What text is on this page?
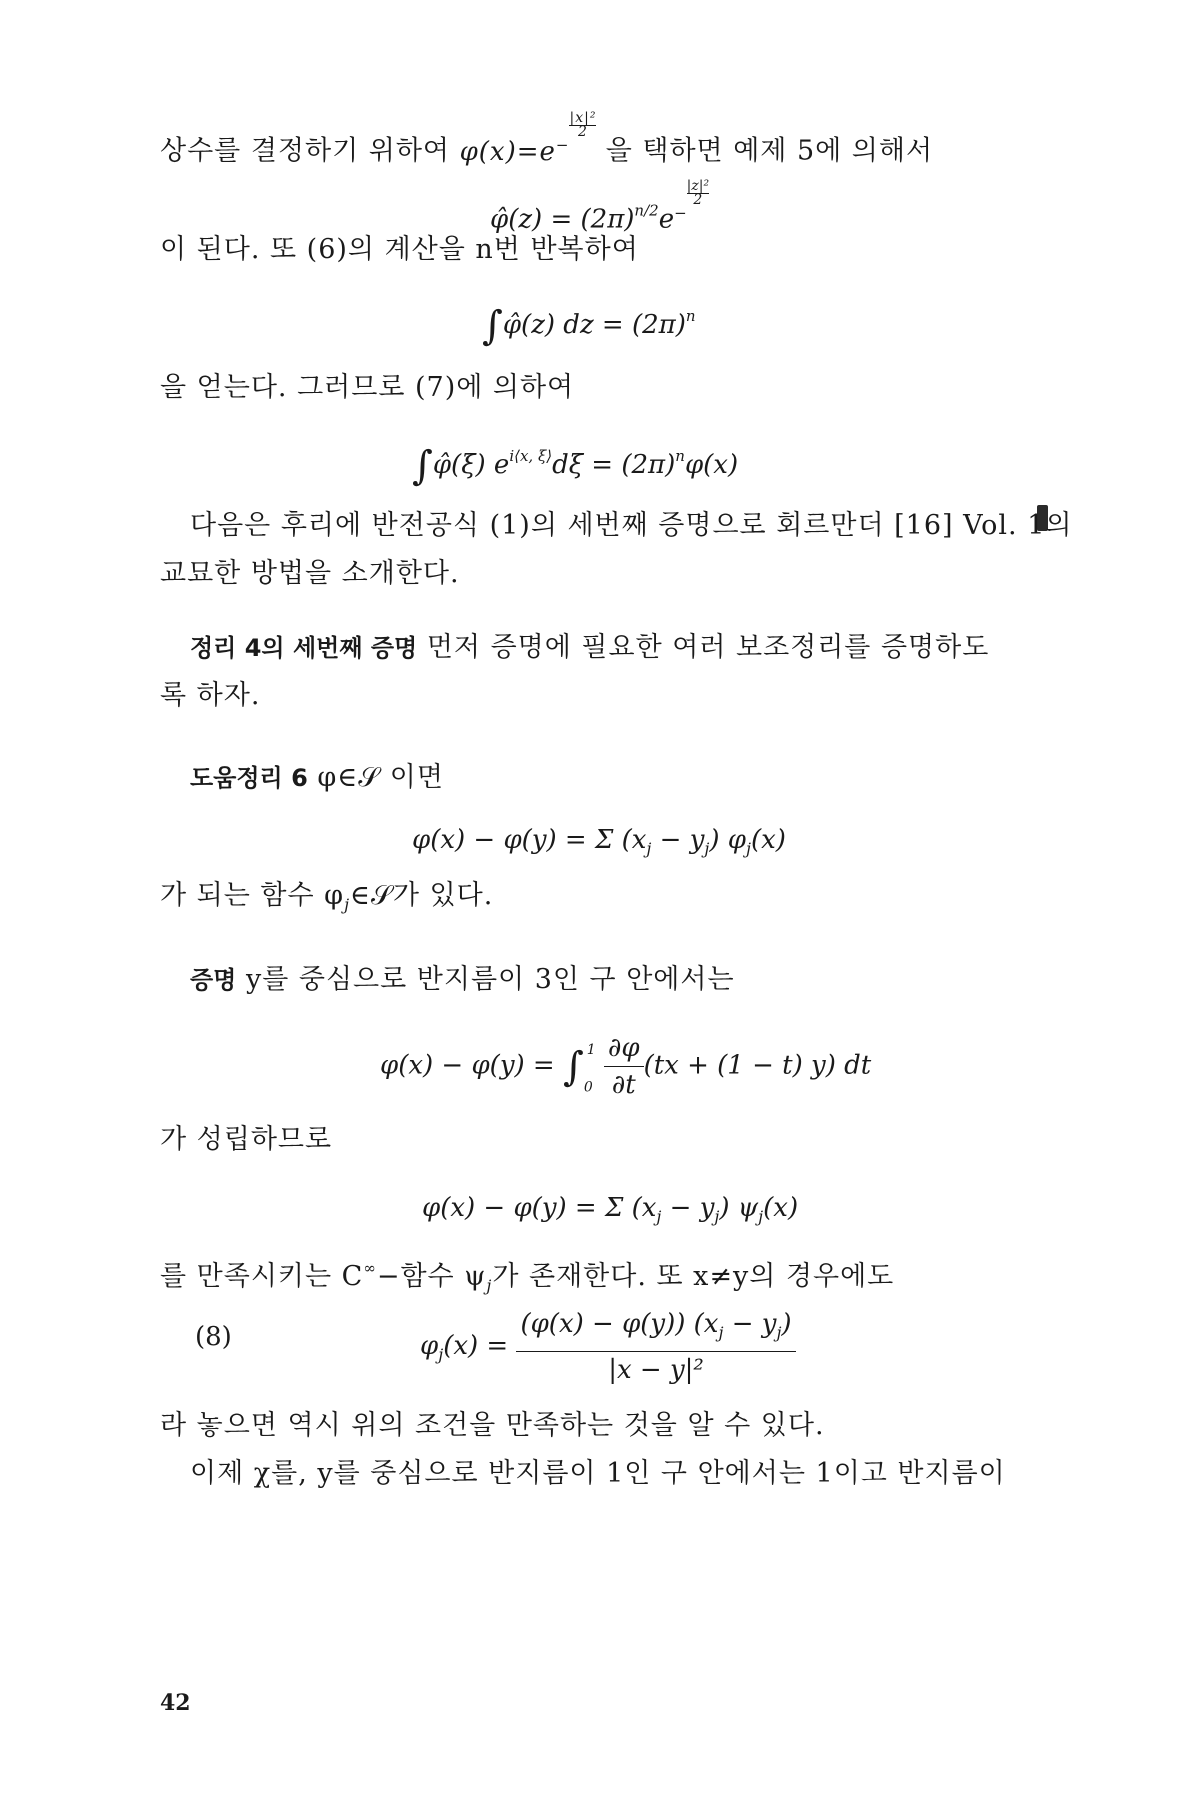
상수를 결정하기 위하여 $\varphi(x)=e^{- \frac{\text{|x|²}}{2}}$ 을 택하면 예제 5에 의해서
φ̂(z) = $(2\pi)^{n/2}e^{- \frac{\text{|z|²}}{2}}$
이 된다. 또 (6)의 계산을 n번 반복하여
∫φ̂(z) dz = $(2\pi)^n$
을 얻는다. 그러므로 (7)에 의하여
∫φ̂(ξ) $e^{i⟨x, \xi⟩}d\xi = (2\pi)^n\varphi(x)$
다음은 후리에 반전공식 (1)의 세번째 증명으로 회르만더 [16] Vol. 1의
교묘한 방법을 소개한다.
정리 4의 세번째 증명 먼저 증명에 필요한 여러 보조정리를 증명하도
록 하자.
도움정리 6 φ∈𝒮 이면
φ(x) − φ(y) = Σ $(x_j - y_j)$ $\varphi_j(x)$
가 되는 함수 $\varphi_j\in 𝒮$가 있다.
증명 y를 중심으로 반지름이 3인 구 안에서는
$\varphi(x) - \varphi(y) = \int_0^1 \frac{\partial\varphi}{\partial t} (tx + (1 - t)$ y) dt
가 성립하므로
φ(x) − φ(y) = Σ $(x_j - y_j)$ $\psi_j(x)$
를 만족시키는 C∞−함수 $\psi_j$가 존재한다. 또 x≠y의 경우에도
(8)	$\varphi_j(x) = \frac{(\varphi(x) - \varphi(y)) (x_j - y_j)}{\text{|x − y|²}}$
라 놓으면 역시 위의 조건을 만족하는 것을 알 수 있다.
이제 χ를, y를 중심으로 반지름이 1인 구 안에서는 1이고 반지름이
42
